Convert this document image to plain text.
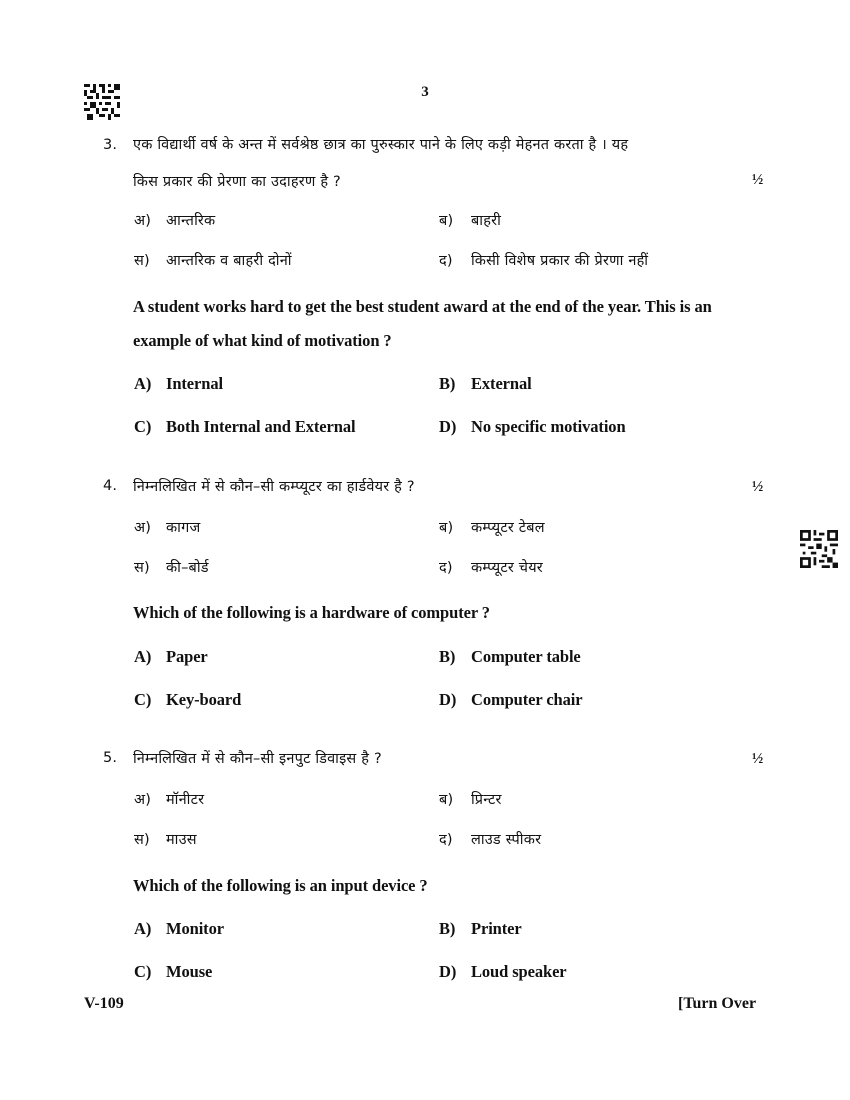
3
3. एक विद्यार्थी वर्ष के अन्त में सर्वश्रेष्ठ छात्र का पुरुस्कार पाने के लिए कड़ी मेहनत करता है । यह
किस प्रकार की प्रेरणा का उदाहरण है ?	½
अ)	आन्तरिक	ब)	बाहरी
स)	आन्तरिक व बाहरी दोनों	द)	किसी विशेष प्रकार की प्रेरणा नहीं
A student works hard to get the best student award at the end of the year. This is an
example of what kind of motivation ?
A) Internal	B) External
C) Both Internal and External	D) No specific motivation
4. निम्नलिखित में से कौन–सी कम्प्यूटर का हार्डवेयर है ?	½
अ)	कागज	ब)	कम्प्यूटर टेबल
स)	की–बोर्ड	द)	कम्प्यूटर चेयर
Which of the following is a hardware of computer ?
A) Paper	B) Computer table
C) Key-board	D) Computer chair
5. निम्नलिखित में से कौन–सी इनपुट डिवाइस है ?	½
अ)	मॉनीटर	ब)	प्रिन्टर
स)	माउस	द)	लाउड स्पीकर
Which of the following is an input device ?
A) Monitor	B) Printer
C) Mouse	D) Loud speaker
V-109	[Turn Over
